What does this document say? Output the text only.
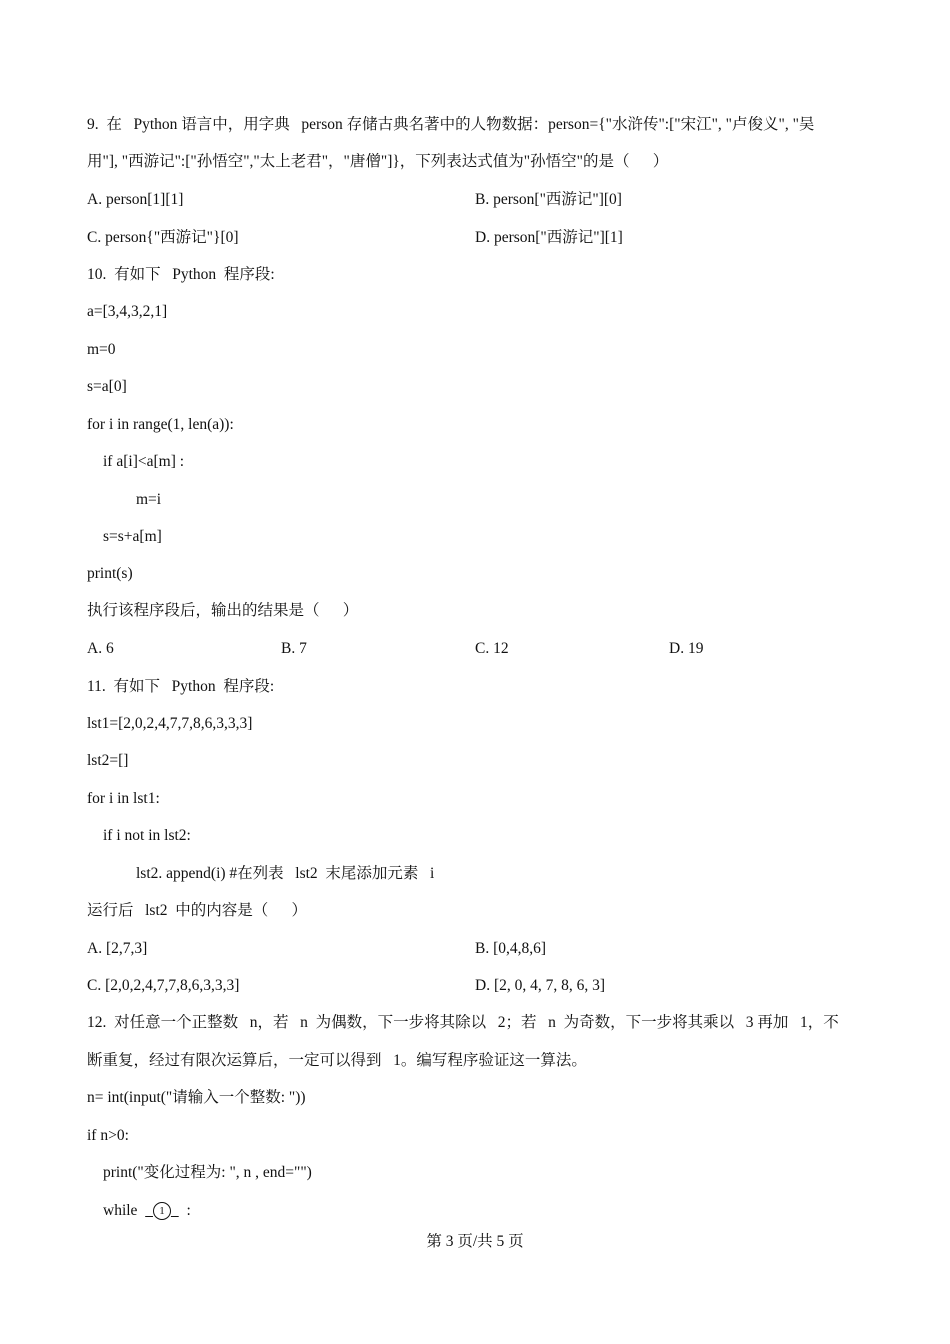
9.  在   Python 语言中，用字典   person 存储古典名著中的人物数据：person={"水浒传":["宋江", "卢俊义", "吴
用"], "西游记":["孙悟空","太上老君"，"唐僧"]}，下列表达式值为"孙悟空"的是（      ）
A. person[1][1]	B. person["西游记"][0]
C. person{"西游记"}[0]	D. person["西游记"][1]
10.  有如下   Python  程序段:
a=[3,4,3,2,1]
m=0
s=a[0]
for i in range(1, len(a)):
if a[i]<a[m] :
m=i
s=s+a[m]
print(s)
执行该程序段后，输出的结果是（      ）
A. 6	B. 7	C. 12	D. 19
11.  有如下   Python  程序段:
lst1=[2,0,2,4,7,7,8,6,3,3,3]
lst2=[]
for i in lst1:
if i not in lst2:
lst2. append(i) #在列表   lst2  末尾添加元素   i
运行后   lst2  中的内容是（      ）
A. [2,7,3]	B. [0,4,8,6]
C. [2,0,2,4,7,7,8,6,3,3,3]	D. [2, 0, 4, 7, 8, 6, 3]
12.  对任意一个正整数   n，若   n  为偶数，下一步将其除以   2；若   n  为奇数，下一步将其乘以   3 再加   1，不
断重复，经过有限次运算后，一定可以得到   1。编写程序验证这一算法。
n= int(input("请输入一个整数: "))
if n>0:
print("变化过程为: ", n , end="")
while    1    :
第 3 页/共 5 页
